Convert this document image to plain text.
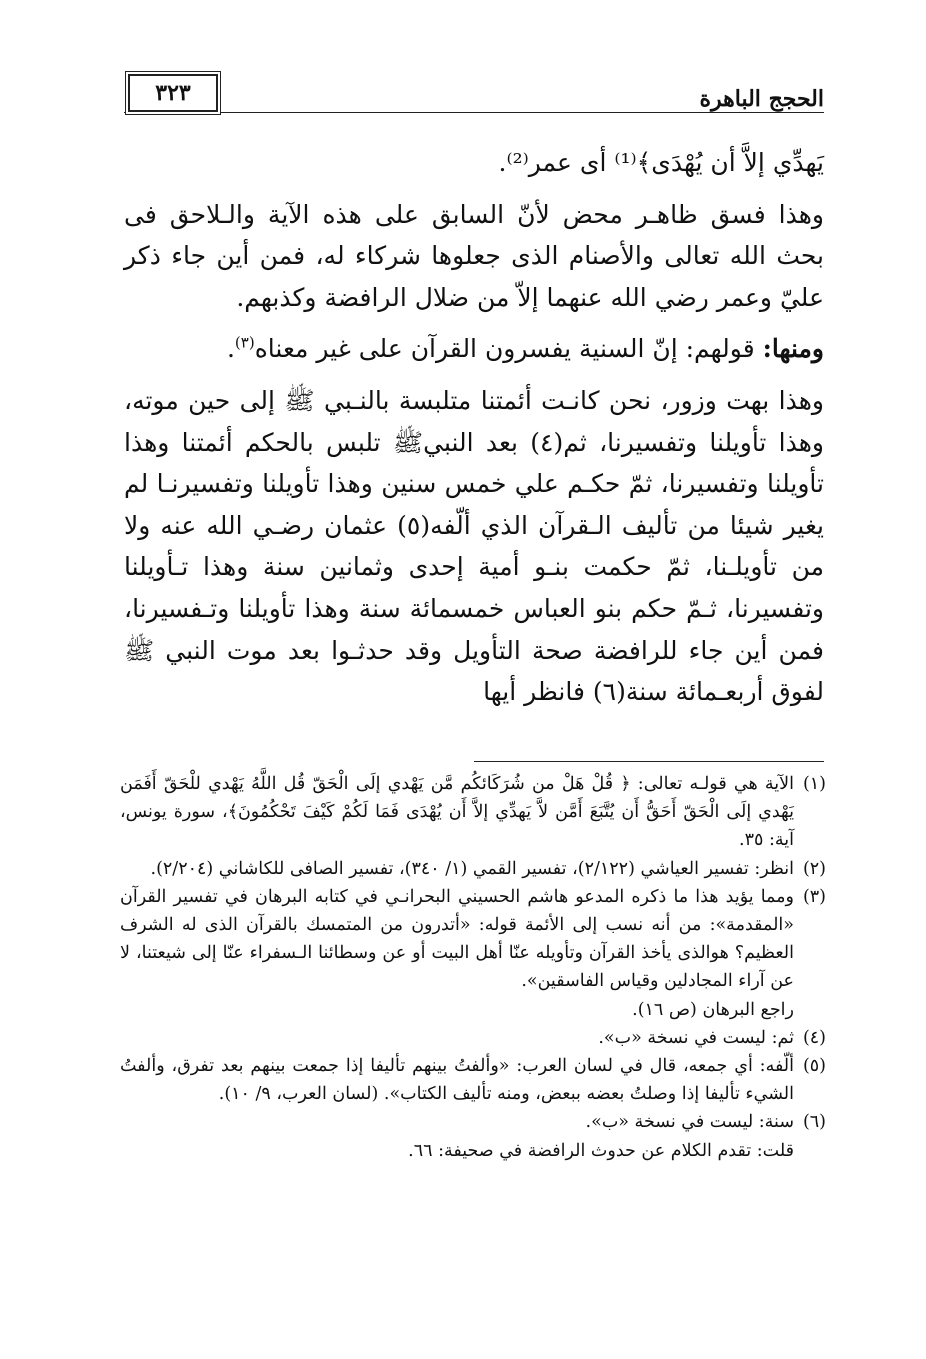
الحجج الباهرة
٣٢٣

يَهدِّي إلاَّ أن يُهْدَى﴾⁽¹⁾ أى عمر⁽²⁾.

وهذا فسق ظاهـر محض لأنّ السابق على هذه الآية والـلاحق فى بحث الله تعالى والأصنام الذى جعلوها شركاء له، فمن أين جاء ذكر عليّ وعمر رضي الله عنهما إلاّ من ضلال الرافضة وكذبهم.

ومنها: قولهم: إنّ السنية يفسرون القرآن على غير معناه$^{(٣)}$.

وهذا بهت وزور، نحن كانـت أئمتنا متلبسة بالنـبي ﷺ إلى حين موته، وهذا تأويلنا وتفسيرنا، ثم(٤) بعد النبيﷺ تلبس بالحكم أئمتنا وهذا تأويلنا وتفسيرنا، ثمّ حكـم علي خمس سنين وهذا تأويلنا وتفسيرنـا لم يغير شيئا من تأليف الـقرآن الذي ألّفه(٥) عثمان رضـي الله عنه ولا من تأويلـنا، ثمّ حكمت بنـو أمية إحدى وثمانين سنة وهذا تـأويلنا وتفسيرنا، ثـمّ حكم بنو العباس خمسمائة سنة وهذا تأويلنا وتـفسيرنا، فمن أين جاء للرافضة صحة التأويل وقد حدثـوا بعد موت النبي ﷺ لفوق أربعـمائة سنة(٦) فانظر أيها

(١)
الآية هي قولـه تعالى: ﴿ قُلْ هَلْ من شُرَكَائكُم مَّن يَهْدي إلَى الْحَقّ قُل اللَّهُ يَهْدي للْحَقّ أَفَمَن يَهْدي إلَى الْحَقّ أَحَقُّ أَن يُتَّبَعَ أَمَّن لاَّ يَهدِّي إلاَّ أَن يُهْدَى فَمَا لَكُمْ كَيْفَ تَحْكُمُونَ﴾، سورة يونس، آية: ٣٥.

(٢)
انظر: تفسير العياشي (٢/١٢٢)، تفسير القمي (١/ ٣٤٠)، تفسير الصافى للكاشاني (٢/٢٠٤).

(٣)
ومما يؤيد هذا ما ذكره المدعو هاشم الحسيني البحرانـي في كتابه البرهان في تفسير القرآن «المقدمة»: من أنه نسب إلى الأئمة قوله: «أتدرون من المتمسك بالقرآن الذى له الشرف العظيم؟ هوالذى يأخذ القرآن وتأويله عنّا أهل البيت أو عن وسطائنا الـسفراء عنّا إلى شيعتنا، لا عن آراء المجادلين وقياس الفاسقين».
راجع البرهان (ص ١٦).

(٤)
ثم: ليست في نسخة «ب».

(٥)
ألّفه: أي جمعه، قال في لسان العرب: «وألفتُ بينهم تأليفا إذا جمعت بينهم بعد تفرق، وألفتُ الشيء تأليفا إذا وصلتُ بعضه ببعض، ومنه تأليف الكتاب». (لسان العرب، ٩/ ١٠).

(٦)
سنة: ليست في نسخة «ب».

قلت: تقدم الكلام عن حدوث الرافضة في صحيفة: ٦٦.
